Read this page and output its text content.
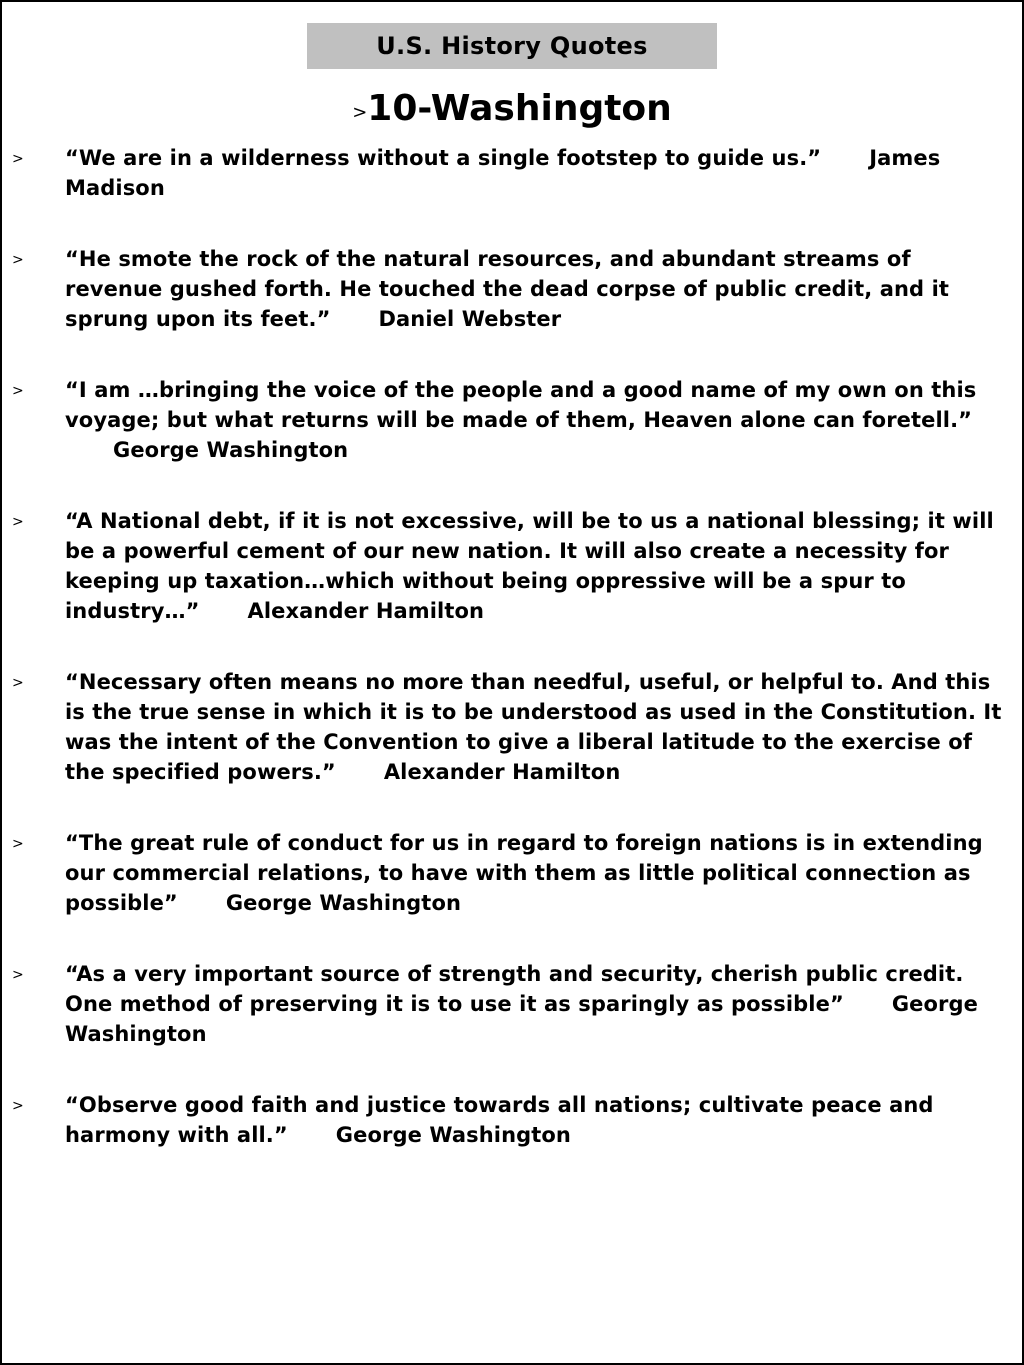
U.S. History Quotes
>10-Washington
> “We are in a wilderness without a single footstep to guide us.” James Madison
> “He smote the rock of the natural resources, and abundant streams of revenue gushed forth. He touched the dead corpse of public credit, and it sprung upon its feet.” Daniel Webster
> “I am …bringing the voice of the people and a good name of my own on this voyage; but what returns will be made of them, Heaven alone can foretell.”George Washington
> “A National debt, if it is not excessive, will be to us a national blessing; it will be a powerful cement of our new nation. It will also create a necessity for keeping up taxation…which without being oppressive will be a spur to industry…” Alexander Hamilton
> “Necessary often means no more than needful, useful, or helpful to. And this is the true sense in which it is to be understood as used in the Constitution. It was the intent of the Convention to give a liberal latitude to the exercise of the specified powers.” Alexander Hamilton
> “The great rule of conduct for us in regard to foreign nations is in extending our commercial relations, to have with them as little political connection as possible” George Washington
> “As a very important source of strength and security, cherish public credit. One method of preserving it is to use it as sparingly as possible” George Washington
> “Observe good faith and justice towards all nations; cultivate peace and harmony with all.” George Washington
